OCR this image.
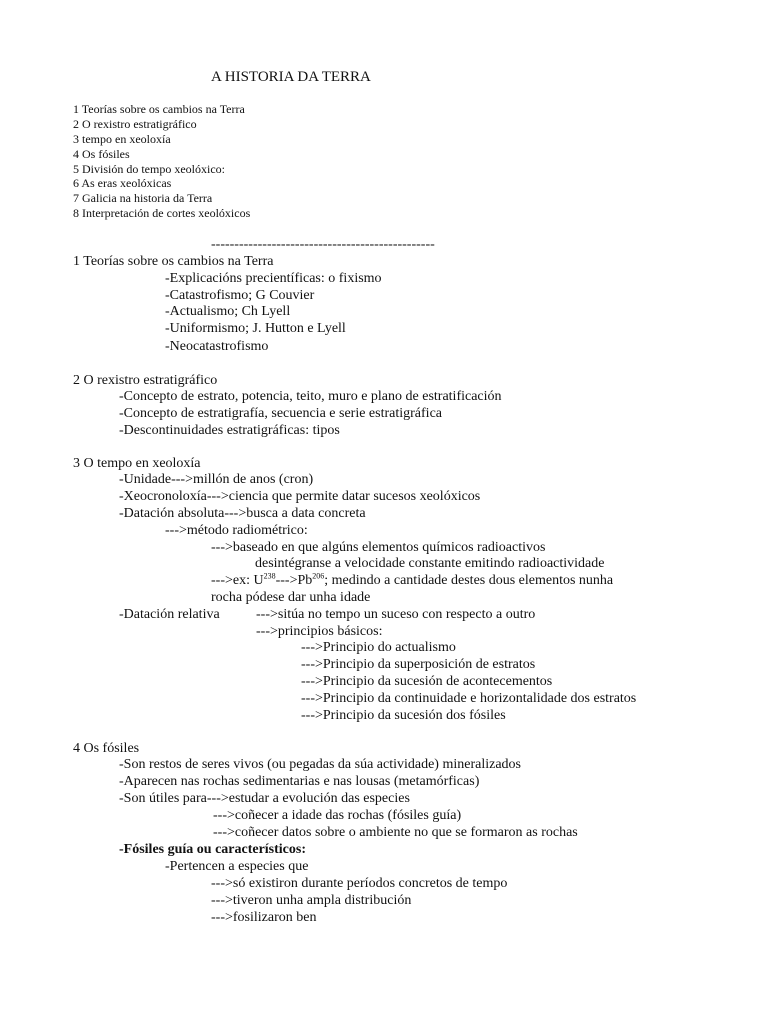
A HISTORIA DA TERRA
1 Teorías sobre os cambios na Terra
2 O rexistro estratigráfico
3 tempo en xeoloxía
4 Os fósiles
5 División do tempo xeolóxico:
6 As eras xeolóxicas
7 Galicia na historia da Terra
8 Interpretación de cortes xeolóxicos
------------------------------------------------
1 Teorías sobre os cambios na Terra
-Explicacións precientíficas: o fixismo
-Catastrofismo; G Couvier
-Actualismo; Ch Lyell
-Uniformismo; J. Hutton e Lyell
-Neocatastrofismo
2 O rexistro estratigráfico
-Concepto de estrato, potencia, teito, muro e plano de estratificación
-Concepto de estratigrafía, secuencia e serie estratigráfica
-Descontinuidades estratigráficas: tipos
3 O tempo en xeoloxía
-Unidade--->millón de anos (cron)
-Xeocronoloxía--->ciencia que permite datar sucesos xeolóxicos
-Datación absoluta--->busca a data concreta
--->método radiométrico:
--->baseado en que algúns elementos químicos radioactivos
desintégranse a velocidade constante emitindo radioactividade
--->ex: $U^{238}--->Pb^{206}$; medindo a cantidade destes dous elementos nunha
rocha pódese dar unha idade
-Datación relativa	--->sitúa no tempo un suceso con respecto a outro
--->principios básicos:
--->Principio do actualismo
--->Principio da superposición de estratos
--->Principio da sucesión de acontecementos
--->Principio da continuidade e horizontalidade dos estratos
--->Principio da sucesión dos fósiles
4 Os fósiles
-Son restos de seres vivos (ou pegadas da súa actividade) mineralizados
-Aparecen nas rochas sedimentarias e nas lousas (metamórficas)
-Son útiles para--->estudar a evolución das especies
--->coñecer a idade das rochas (fósiles guía)
--->coñecer datos sobre o ambiente no que se formaron as rochas
-Fósiles guía ou característicos:
-Pertencen a especies que
--->só existiron durante períodos concretos de tempo
--->tiveron unha ampla distribución
--->fosilizaron ben
